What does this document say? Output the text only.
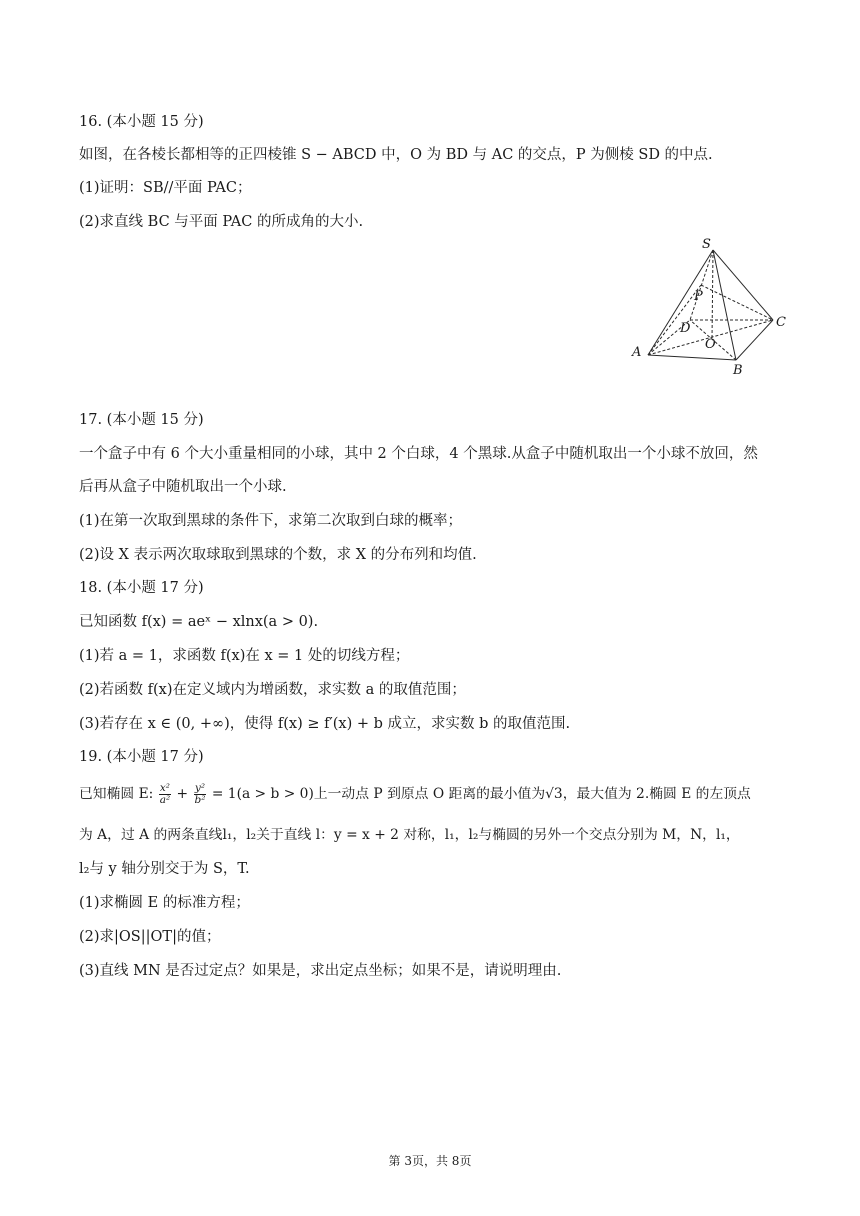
16. (本小题 15 分)
如图，在各棱长都相等的正四棱锥 S − ABCD 中，O 为 BD 与 AC 的交点，P 为侧棱 SD 的中点.
(1)证明：SB//平面 PAC；
(2)求直线 BC 与平面 PAC 的所成角的大小.
S
P
D
O
C
A
B
17. (本小题 15 分)
一个盒子中有 6 个大小重量相同的小球，其中 2 个白球，4 个黑球.从盒子中随机取出一个小球不放回，然
后再从盒子中随机取出一个小球.
(1)在第一次取到黑球的条件下，求第二次取到白球的概率；
(2)设 X 表示两次取球取到黑球的个数，求 X 的分布列和均值.
18. (本小题 17 分)
已知函数 f(x) = aeˣ − xlnx(a > 0).
(1)若 a = 1，求函数 f(x)在 x = 1 处的切线方程；
(2)若函数 f(x)在定义域内为增函数，求实数 a 的取值范围；
(3)若存在 x ∈ (0, +∞)，使得 f(x) ≥ f′(x) + b 成立，求实数 b 的取值范围.
19. (本小题 17 分)
已知椭圆 E: $\frac{\text{x²}}{\text{a²}} + \frac{\text{y²}}{\text{b²}} = 1(a > b > 0)$上一动点 P 到原点 O 距离的最小值为√3，最大值为 2.椭圆 E 的左顶点
为 A，过 A 的两条直线l₁，l₂关于直线 l：y = x + 2 对称，l₁，l₂与椭圆的另外一个交点分别为 M，N，l₁，
l₂与 y 轴分别交于为 S，T.
(1)求椭圆 E 的标准方程；
(2)求|OS||OT|的值；
(3)直线 MN 是否过定点？如果是，求出定点坐标；如果不是，请说明理由.
第 3页，共 8页
